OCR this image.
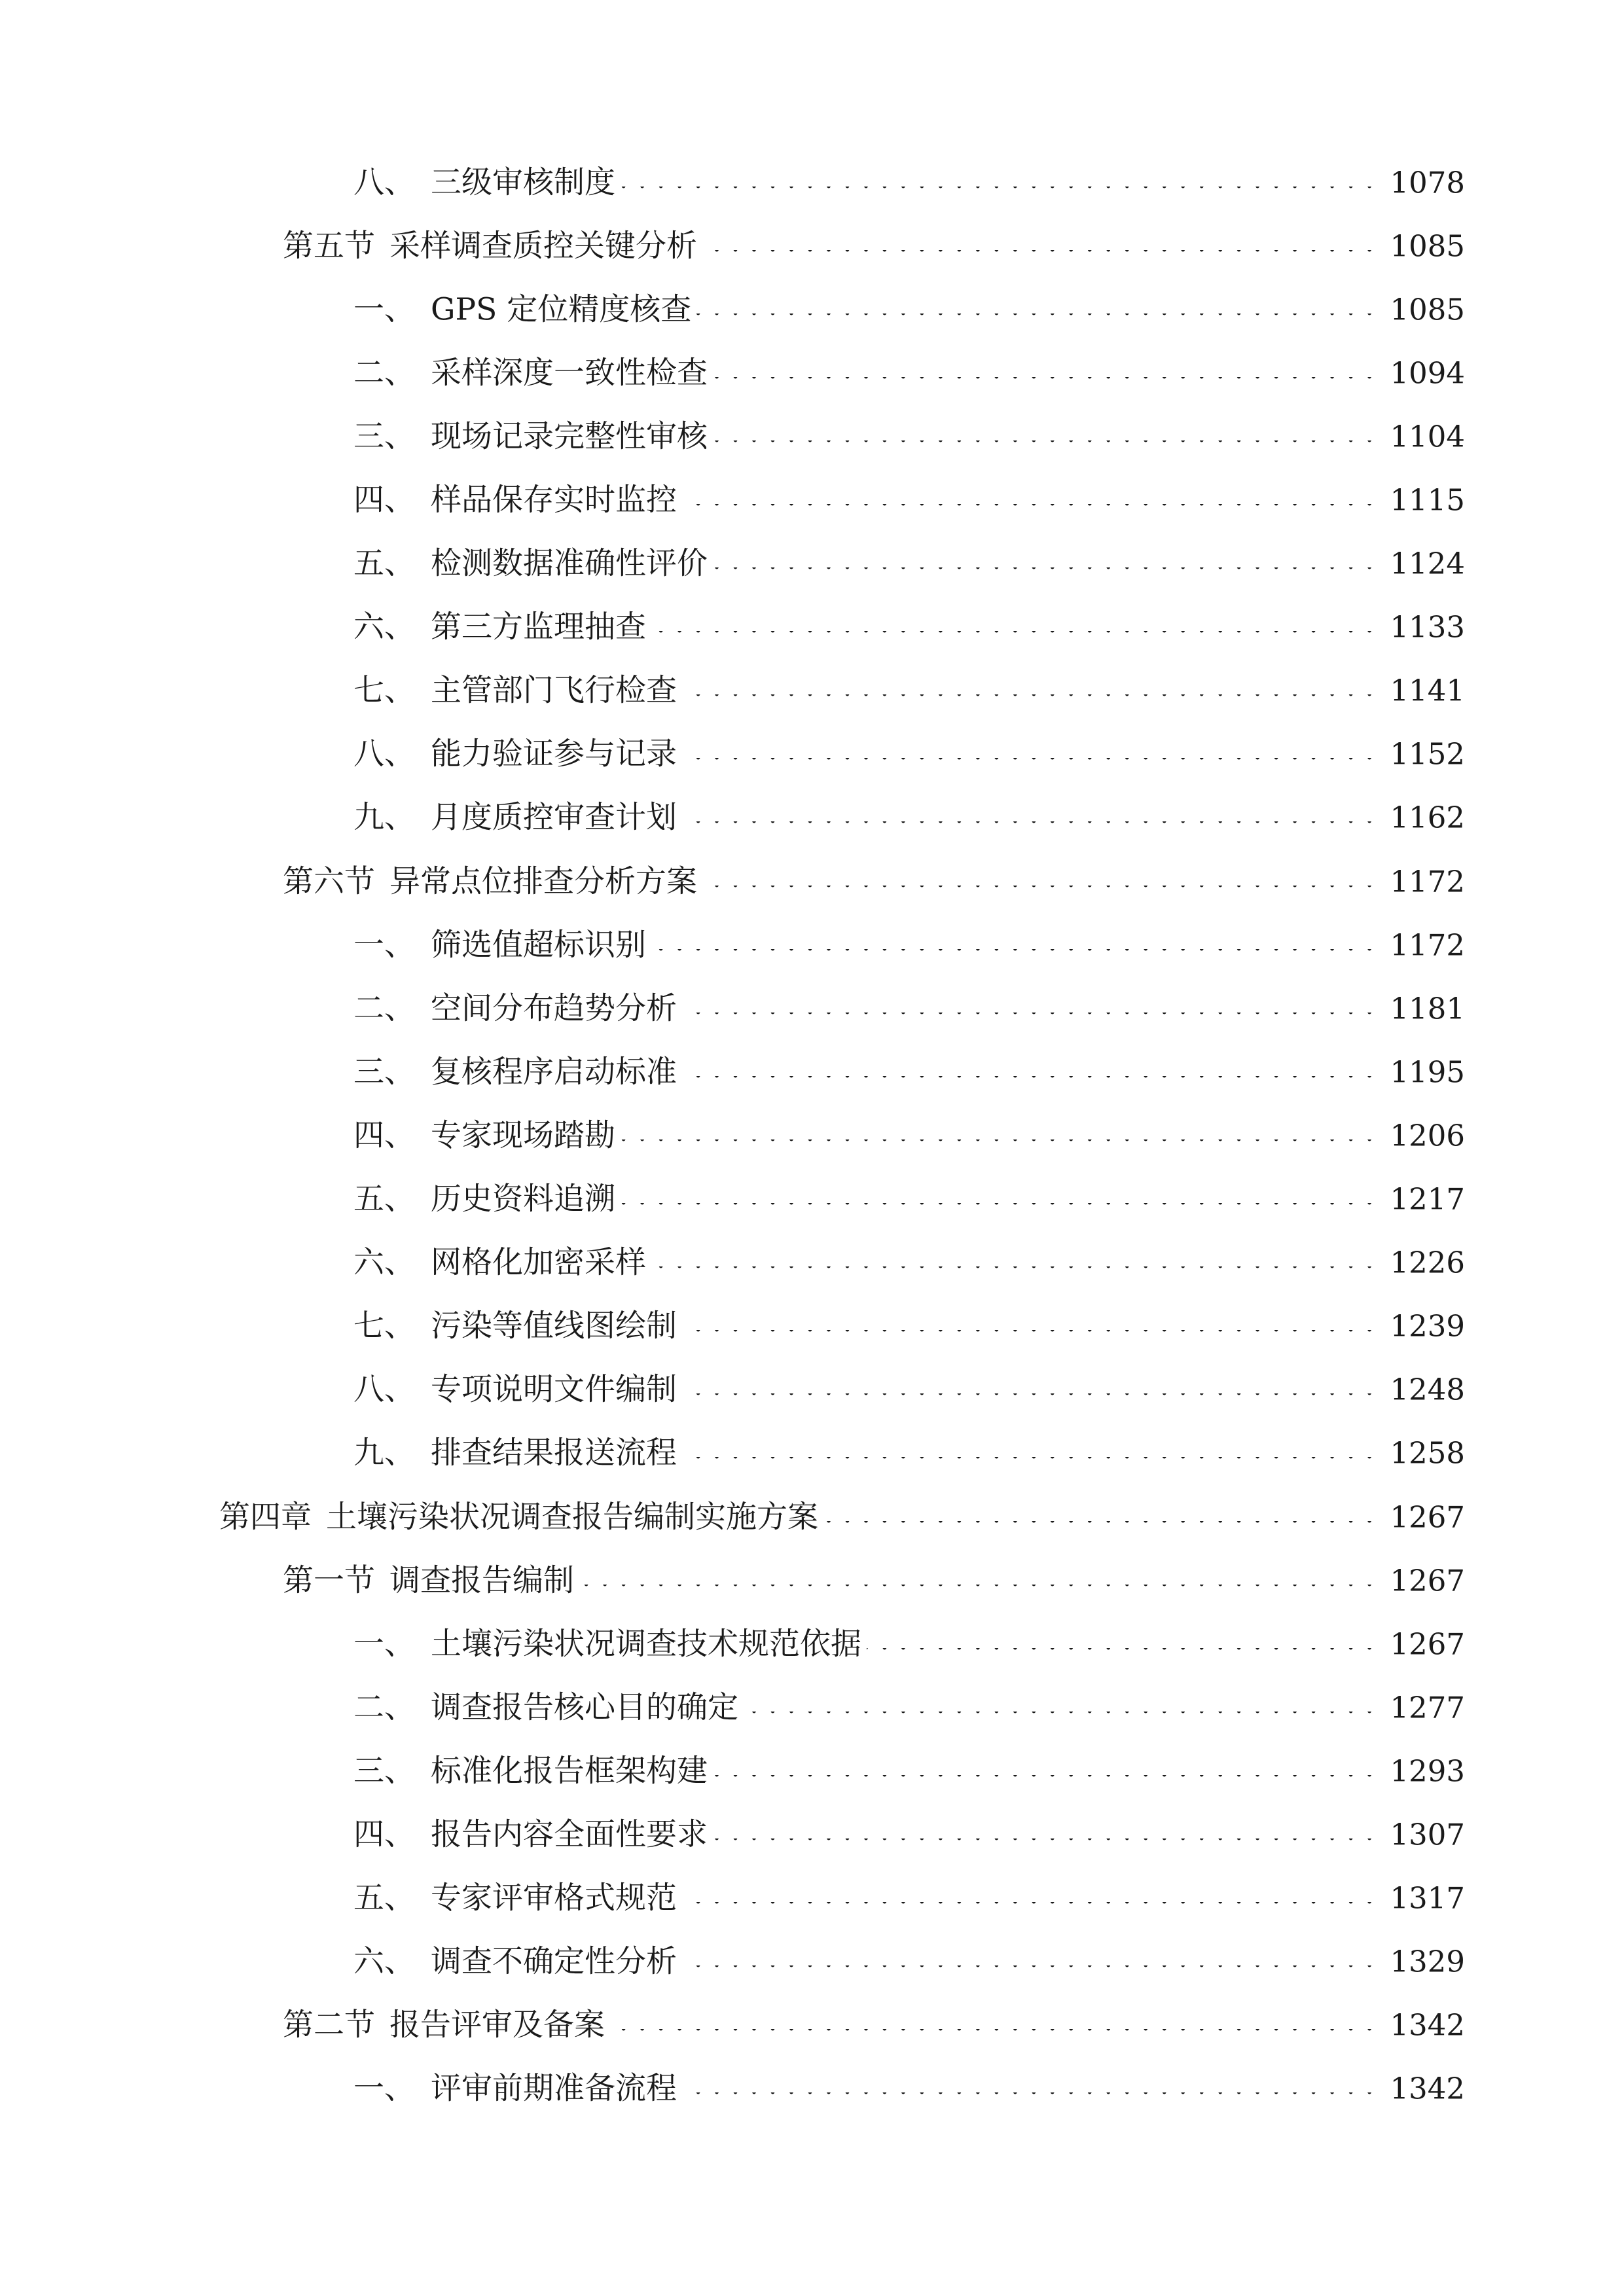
八、 三级审核制度 .....	1078
第五节 采样调查质控关键分析 .....	1085
一、 GPS 定位精度核查 .....	1085
二、 采样深度一致性检查 .....	1094
三、 现场记录完整性审核 .....	1104
四、 样品保存实时监控 .....	1115
五、 检测数据准确性评价 .....	1124
六、 第三方监理抽查 .....	1133
七、 主管部门飞行检查 .....	1141
八、 能力验证参与记录 .....	1152
九、 月度质控审查计划 .....	1162
第六节 异常点位排查分析方案 .....	1172
一、 筛选值超标识别 .....	1172
二、 空间分布趋势分析 .....	1181
三、 复核程序启动标准 .....	1195
四、 专家现场踏勘 .....	1206
五、 历史资料追溯 .....	1217
六、 网格化加密采样 .....	1226
七、 污染等值线图绘制 .....	1239
八、 专项说明文件编制 .....	1248
九、 排查结果报送流程 .....	1258
第四章 土壤污染状况调查报告编制实施方案 .....	1267
第一节 调查报告编制 .....	1267
一、 土壤污染状况调查技术规范依据 .....	1267
二、 调查报告核心目的确定 .....	1277
三、 标准化报告框架构建 .....	1293
四、 报告内容全面性要求 .....	1307
五、 专家评审格式规范 .....	1317
六、 调查不确定性分析 .....	1329
第二节 报告评审及备案 .....	1342
一、 评审前期准备流程 .....	1342
